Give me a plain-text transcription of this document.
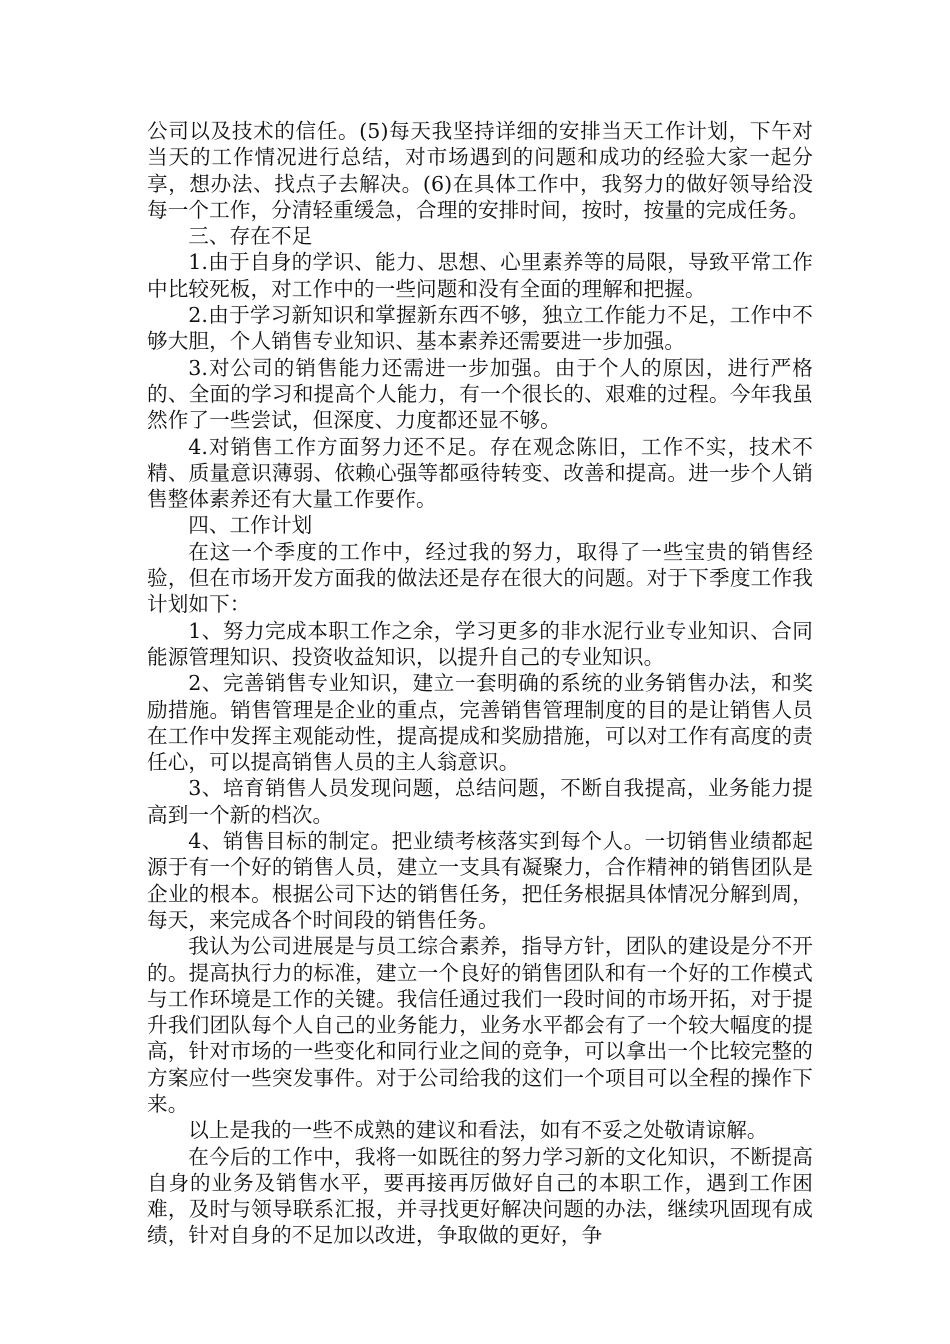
公司以及技术的信任。(5)每天我坚持详细的安排当天工作计划，下午对当天的工作情况进行总结，对市场遇到的问题和成功的经验大家一起分享，想办法、找点子去解决。(6)在具体工作中，我努力的做好领导给没每一个工作，分清轻重缓急，合理的安排时间，按时，按量的完成任务。

三、存在不足

1.由于自身的学识、能力、思想、心里素养等的局限，导致平常工作中比较死板，对工作中的一些问题和没有全面的理解和把握。

2.由于学习新知识和掌握新东西不够，独立工作能力不足，工作中不够大胆，个人销售专业知识、基本素养还需要进一步加强。

3.对公司的销售能力还需进一步加强。由于个人的原因，进行严格的、全面的学习和提高个人能力，有一个很长的、艰难的过程。今年我虽然作了一些尝试，但深度、力度都还显不够。

4.对销售工作方面努力还不足。存在观念陈旧，工作不实，技术不精、质量意识薄弱、依赖心强等都亟待转变、改善和提高。进一步个人销售整体素养还有大量工作要作。

四、工作计划

在这一个季度的工作中，经过我的努力，取得了一些宝贵的销售经验，但在市场开发方面我的做法还是存在很大的问题。对于下季度工作我计划如下：

1、努力完成本职工作之余，学习更多的非水泥行业专业知识、合同能源管理知识、投资收益知识，以提升自己的专业知识。

2、完善销售专业知识，建立一套明确的系统的业务销售办法，和奖励措施。销售管理是企业的重点，完善销售管理制度的目的是让销售人员在工作中发挥主观能动性，提高提成和奖励措施，可以对工作有高度的责任心，可以提高销售人员的主人翁意识。

3、培育销售人员发现问题，总结问题，不断自我提高，业务能力提高到一个新的档次。

4、销售目标的制定。把业绩考核落实到每个人。一切销售业绩都起源于有一个好的销售人员，建立一支具有凝聚力，合作精神的销售团队是企业的根本。根据公司下达的销售任务，把任务根据具体情况分解到周，每天，来完成各个时间段的销售任务。

我认为公司进展是与员工综合素养，指导方针，团队的建设是分不开的。提高执行力的标准，建立一个良好的销售团队和有一个好的工作模式与工作环境是工作的关键。我信任通过我们一段时间的市场开拓，对于提升我们团队每个人自己的业务能力，业务水平都会有了一个较大幅度的提高，针对市场的一些变化和同行业之间的竞争，可以拿出一个比较完整的方案应付一些突发事件。对于公司给我的这们一个项目可以全程的操作下来。

以上是我的一些不成熟的建议和看法，如有不妥之处敬请谅解。

在今后的工作中，我将一如既往的努力学习新的文化知识，不断提高自身的业务及销售水平，要再接再厉做好自己的本职工作，遇到工作困难，及时与领导联系汇报，并寻找更好解决问题的办法，继续巩固现有成绩，针对自身的不足加以改进，争取做的更好，争
